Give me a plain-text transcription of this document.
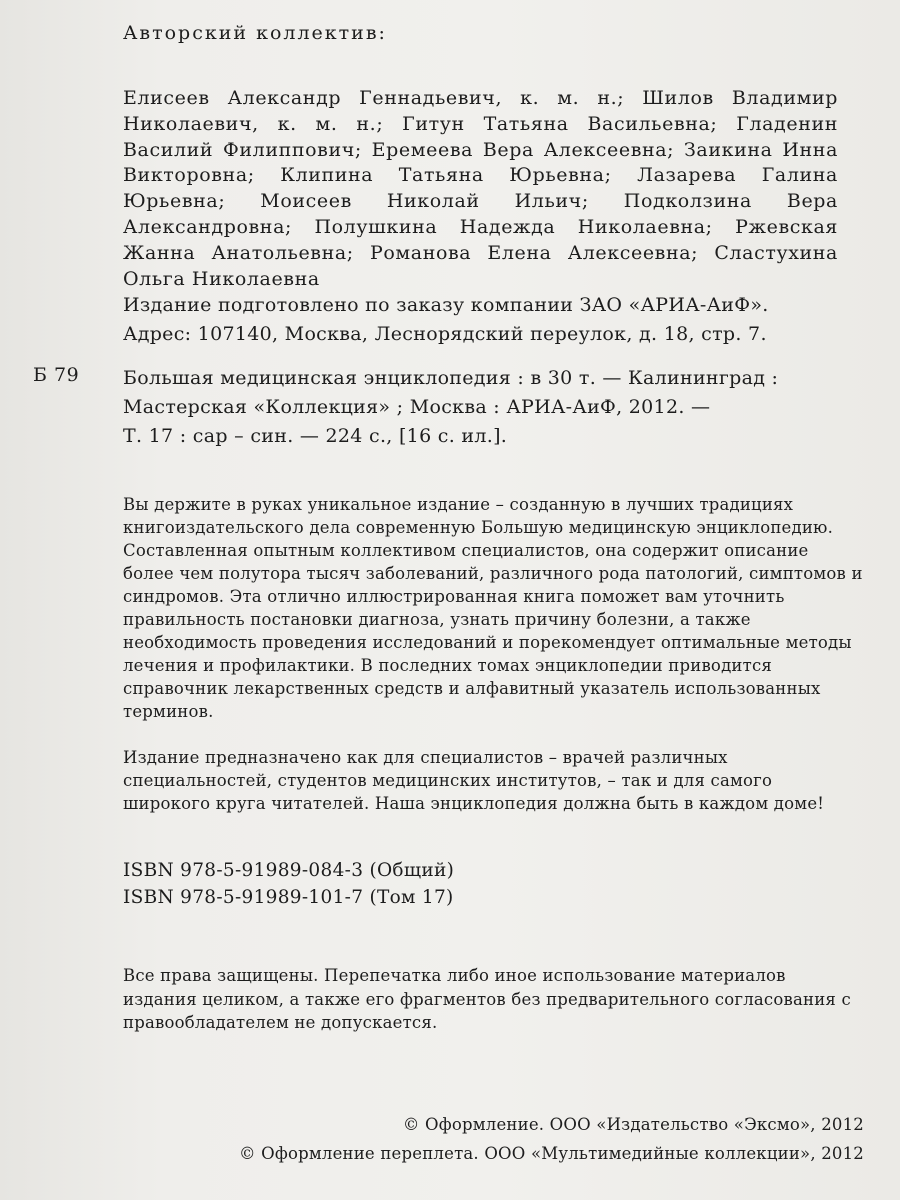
Авторский коллектив:
Елисеев Александр Геннадьевич, к. м. н.; Шилов Владимир Николаевич, к. м. н.; Гитун Татьяна Васильевна; Гладенин Василий Филиппович; Еремеева Вера Алексеевна; Заикина Инна Викторовна; Клипина Татьяна Юрьевна; Лазарева Галина Юрьевна; Моисеев Николай Ильич; Подколзина Вера Александровна; Полушкина Надежда Николаевна; Ржевская Жанна Анатольевна; Романова Елена Алексеевна; Сластухина Ольга Николаевна
Издание подготовлено по заказу компании ЗАО «АРИА-АиФ».
Адрес: 107140, Москва, Леснорядский переулок, д. 18, стр. 7.
Б 79 Большая медицинская энциклопедия : в 30 т. — Калининград :
Мастерская «Коллекция» ; Москва : АРИА-АиФ, 2012. —
Т. 17 : сар – син. — 224 с., [16 с. ил.].

Вы держите в руках уникальное издание – созданную в лучших традициях книгоиздательского дела современную Большую медицинскую энциклопедию. Составленная опытным коллективом специалистов, она содержит описание более чем полутора тысяч заболеваний, различного рода патологий, симптомов и синдромов. Эта отлично иллюстрированная книга поможет вам уточнить правильность постановки диагноза, узнать причину болезни, а также необходимость проведения исследований и порекомендует оптимальные методы лечения и профилактики. В последних томах энциклопедии приводится справочник лекарственных средств и алфавитный указатель использованных терминов.

Издание предназначено как для специалистов – врачей различных специальностей, студентов медицинских институтов, – так и для самого широкого круга читателей. Наша энциклопедия должна быть в каждом доме!

ISBN 978-5-91989-084-3 (Общий)
ISBN 978-5-91989-101-7 (Том 17)
Все права защищены. Перепечатка либо иное использование материалов издания целиком, а также его фрагментов без предварительного согласования с правообладателем не допускается.
© Оформление. ООО «Издательство «Эксмо», 2012
© Оформление переплета. ООО «Мультимедийные коллекции», 2012
